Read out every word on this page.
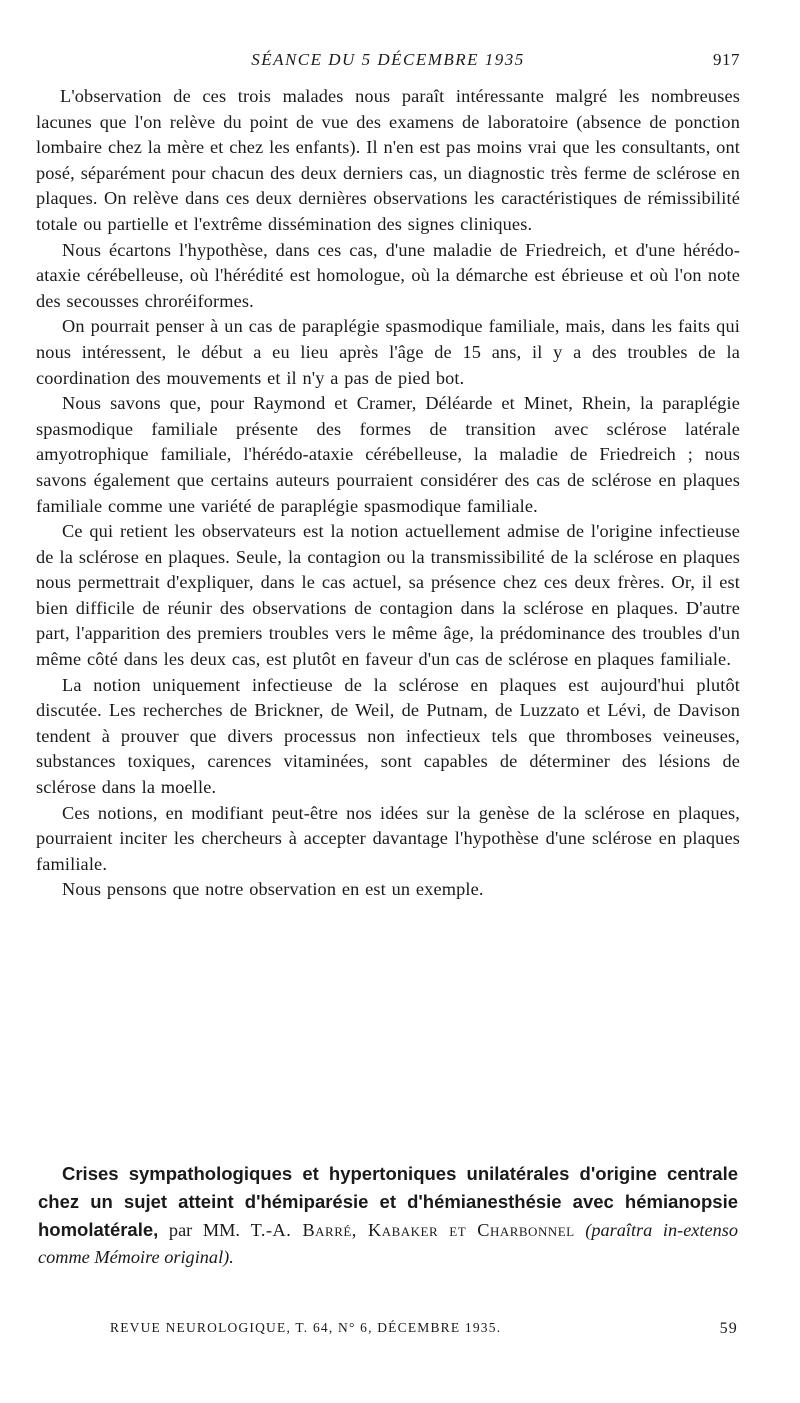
SÉANCE DU 5 DÉCEMBRE 1935	917

L'observation de ces trois malades nous paraît intéressante malgré les nombreuses lacunes que l'on relève du point de vue des examens de laboratoire (absence de ponction lombaire chez la mère et chez les enfants). Il n'en est pas moins vrai que les consultants, ont posé, séparément pour chacun des deux derniers cas, un diagnostic très ferme de sclérose en plaques. On relève dans ces deux dernières observations les caractéristiques de rémissibilité totale ou partielle et l'extrême dissémination des signes cliniques.

Nous écartons l'hypothèse, dans ces cas, d'une maladie de Friedreich, et d'une hérédo-ataxie cérébelleuse, où l'hérédité est homologue, où la démarche est ébrieuse et où l'on note des secousses chroréiformes.

On pourrait penser à un cas de paraplégie spasmodique familiale, mais, dans les faits qui nous intéressent, le début a eu lieu après l'âge de 15 ans, il y a des troubles de la coordination des mouvements et il n'y a pas de pied bot.

Nous savons que, pour Raymond et Cramer, Déléarde et Minet, Rhein, la paraplégie spasmodique familiale présente des formes de transition avec sclérose latérale amyotrophique familiale, l'hérédo-ataxie cérébelleuse, la maladie de Friedreich ; nous savons également que certains auteurs pourraient considérer des cas de sclérose en plaques familiale comme une variété de paraplégie spasmodique familiale.

Ce qui retient les observateurs est la notion actuellement admise de l'origine infectieuse de la sclérose en plaques. Seule, la contagion ou la transmissibilité de la sclérose en plaques nous permettrait d'expliquer, dans le cas actuel, sa présence chez ces deux frères. Or, il est bien difficile de réunir des observations de contagion dans la sclérose en plaques. D'autre part, l'apparition des premiers troubles vers le même âge, la prédominance des troubles d'un même côté dans les deux cas, est plutôt en faveur d'un cas de sclérose en plaques familiale.

La notion uniquement infectieuse de la sclérose en plaques est aujourd'hui plutôt discutée. Les recherches de Brickner, de Weil, de Putnam, de Luzzato et Lévi, de Davison tendent à prouver que divers processus non infectieux tels que thromboses veineuses, substances toxiques, carences vitaminées, sont capables de déterminer des lésions de sclérose dans la moelle.

Ces notions, en modifiant peut-être nos idées sur la genèse de la sclérose en plaques, pourraient inciter les chercheurs à accepter davantage l'hypothèse d'une sclérose en plaques familiale.

Nous pensons que notre observation en est un exemple.

Crises sympathologiques et hypertoniques unilatérales d'origine centrale chez un sujet atteint d'hémiparésie et d'hémianesthésie avec hémianopsie homolatérale, par MM. T.-A. Barré, Kabaker et Charbonnel (paraîtra in-extenso comme Mémoire original).
REVUE NEUROLOGIQUE, T. 64, N° 6, DÉCEMBRE 1935.	59
